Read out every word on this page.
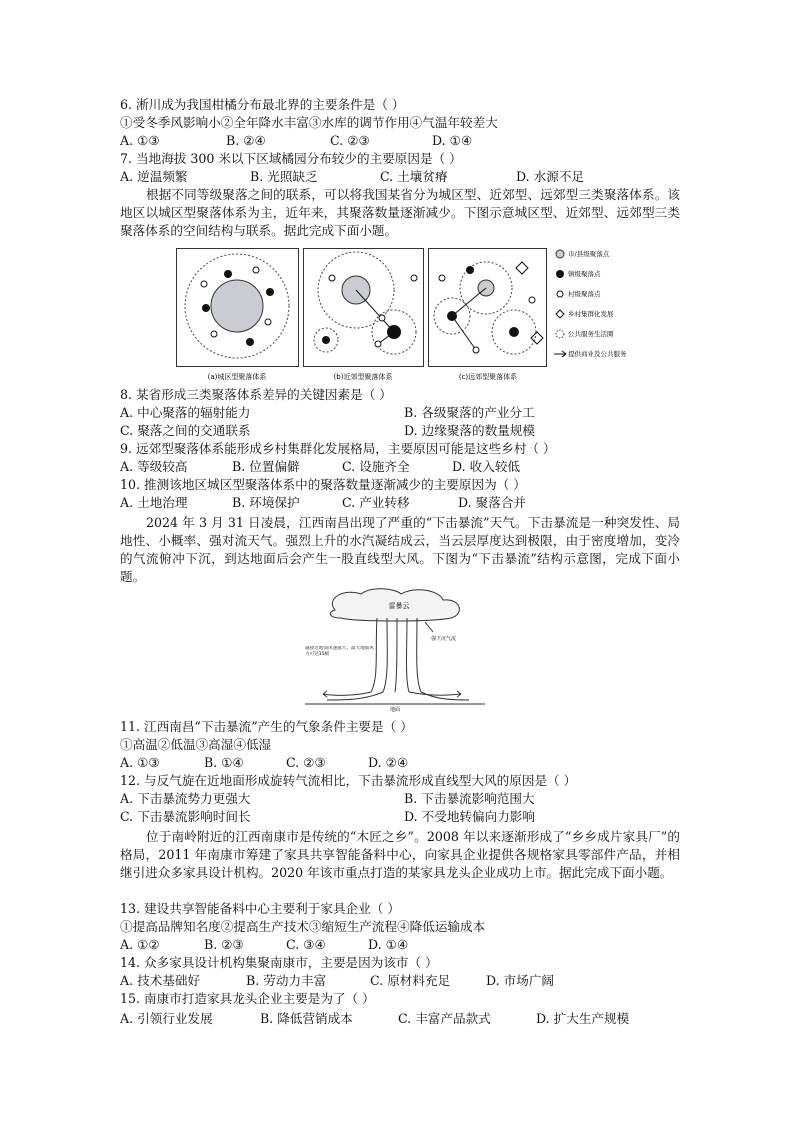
6. 淅川成为我国柑橘分布最北界的主要条件是（ ）
①受冬季风影响小②全年降水丰富③水库的调节作用④气温年较差大
A. ①③	B. ②④	C. ②③	D. ①④
7. 当地海拔 300 米以下区域橘园分布较少的主要原因是（ ）
A. 逆温频繁	B. 光照缺乏	C. 土壤贫瘠	D. 水源不足
根据不同等级聚落之间的联系，可以将我国某省分为城区型、近郊型、远郊型三类聚落体系。该地区以城区型聚落体系为主，近年来，其聚落数量逐渐减少。下图示意城区型、近郊型、远郊型三类聚落体系的空间结构与联系。据此完成下面小题。
(a)城区型聚落体系	(b)近郊型聚落体系	(c)远郊型聚落体系
市/县级聚落点
镇级聚落点
村级聚落点
乡村集群化发展
公共服务生活圈
提供商业及公共服务
8. 某省形成三类聚落体系差异的关键因素是（ ）
A. 中心聚落的辐射能力	B. 各级聚落的产业分工
C. 聚落之间的交通联系	D. 边缘聚落的数量规模
9. 远郊型聚落体系能形成乡村集群化发展格局，主要原因可能是这些乡村（ ）
A. 等级较高	B. 位置偏僻	C. 设施齐全	D. 收入较低
10. 推测该地区城区型聚落体系中的聚落数量逐渐减少的主要原因为（ ）
A. 土地治理	B. 环境保护	C. 产业转移	D. 聚落合并
2024 年 3 月 31 日凌晨，江西南昌出现了严重的“下击暴流”天气。下击暴流是一种突发性、局地性、小概率、强对流天气。强烈上升的水汽凝结成云，当云层厚度达到极限，由于密度增加，变冷的气流俯冲下沉，到达地面后会产生一股直线型大风。下图为“下击暴流”结构示意图，完成下面小题。
雷暴云
强下沉气流
越接近地面风速越大，最大地面风力可达15级
地面
11. 江西南昌“下击暴流”产生的气象条件主要是（ ）
①高温②低温③高湿④低湿
A. ①③	B. ①④	C. ②③	D. ②④
12. 与反气旋在近地面形成旋转气流相比，下击暴流形成直线型大风的原因是（ ）
A. 下击暴流势力更强大	B. 下击暴流影响范围大
C. 下击暴流影响时间长	D. 不受地转偏向力影响
位于南岭附近的江西南康市是传统的“木匠之乡”。2008 年以来逐渐形成了“乡乡成片家具厂”的格局，2011 年南康市筹建了家具共享智能备料中心，向家具企业提供各规格家具零部件产品，并相继引进众多家具设计机构。2020 年该市重点打造的某家具龙头企业成功上市。据此完成下面小题。
13. 建设共享智能备料中心主要利于家具企业（ ）
①提高品牌知名度②提高生产技术③缩短生产流程④降低运输成本
A. ①②	B. ②③	C. ③④	D. ①④
14. 众多家具设计机构集聚南康市，主要是因为该市（ ）
A. 技术基础好	B. 劳动力丰富	C. 原材料充足	D. 市场广阔
15. 南康市打造家具龙头企业主要是为了（ ）
A. 引领行业发展	B. 降低营销成本	C. 丰富产品款式	D. 扩大生产规模
